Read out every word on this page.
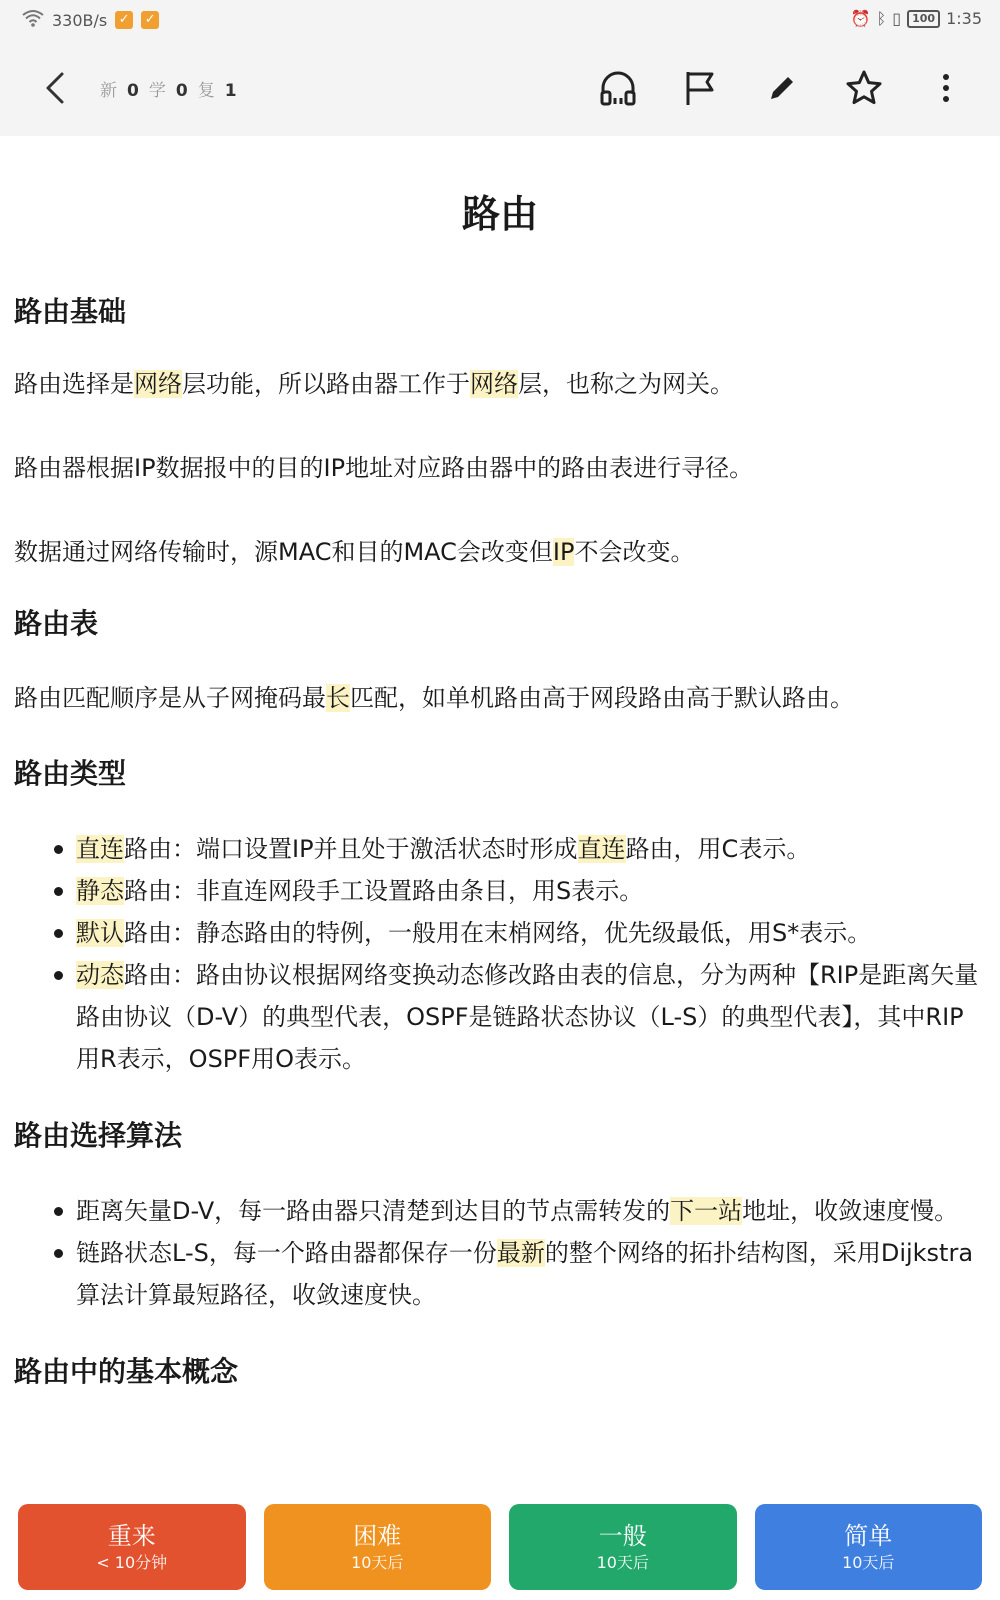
330B/s ✓ ✓	⏰ ᛒ ▯	100 1:35
新 0 学 0 复 1
路由
路由基础

路由选择是网络层功能，所以路由器工作于网络层，也称之为网关。

路由器根据IP数据报中的目的IP地址对应路由器中的路由表进行寻径。

数据通过网络传输时，源MAC和目的MAC会改变但IP不会改变。

路由表

路由匹配顺序是从子网掩码最长匹配，如单机路由高于网段路由高于默认路由。

路由类型
直连路由：端口设置IP并且处于激活状态时形成直连路由，用C表示。
静态路由：非直连网段手工设置路由条目，用S表示。
默认路由：静态路由的特例，一般用在末梢网络，优先级最低，用S*表示。
动态路由：路由协议根据网络变换动态修改路由表的信息，分为两种【RIP是距离矢量路由协议（D-V）的典型代表，OSPF是链路状态协议（L-S）的典型代表】，其中RIP用R表示，OSPF用O表示。
路由选择算法
距离矢量D-V，每一路由器只清楚到达目的节点需转发的下一站地址，收敛速度慢。
链路状态L-S，每一个路由器都保存一份最新的整个网络的拓扑结构图，采用Dijkstra算法计算最短路径，收敛速度快。
路由中的基本概念
重来
< 10分钟
困难
10天后
一般
10天后
简单
10天后
